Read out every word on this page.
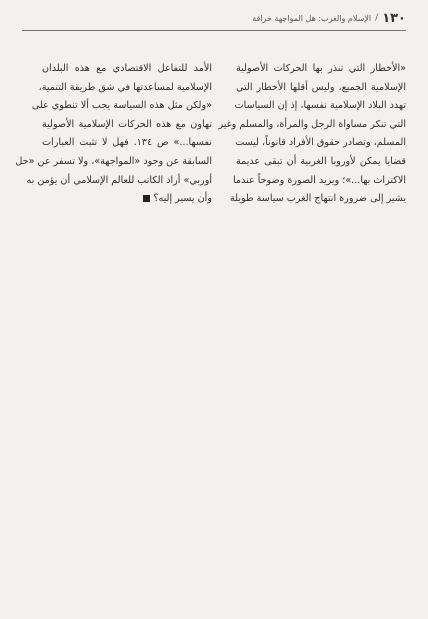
١٣٠
/
الإسلام والغرب: هل المواجهة خرافة
«الأخطار التي تنذر بها الحركات الأصولية
الإسلامية الجميع، وليس أقلها الأخطار التي
تهدد البلاد الإسلامية نفسها، إذ إن السياسات
التي تنكر مساواة الرجل والمرأة، والمسلم وغير
المسلم، وتصادر حقوق الأفراد قانوناً، ليست
قضايا يمكن لأوروبا الغربية أن تبقى عديمة
الاكتراث بها...»؛ ويزيد الصورة وضوحاً عندما
يشير إلى ضرورة انتهاج الغرب سياسة طويلة
الأمد للتفاعل الاقتصادي مع هذه البلدان
الإسلامية لمساعدتها في شق طريقة التنمية،
«ولكن مثل هذه السياسة يجب ألا تنطوي على
تهاون مع هذه الحركات الإسلامية الأصولية
نفسها...» ص ١٣٤. فهل لا تثبت العبارات
السابقة عن وجود «المواجهة»، ولا تسفر عن «حل
أوربي» أراد الكاتب للعالم الإسلامي أن يؤمن به
وأن يسير إليه؟
